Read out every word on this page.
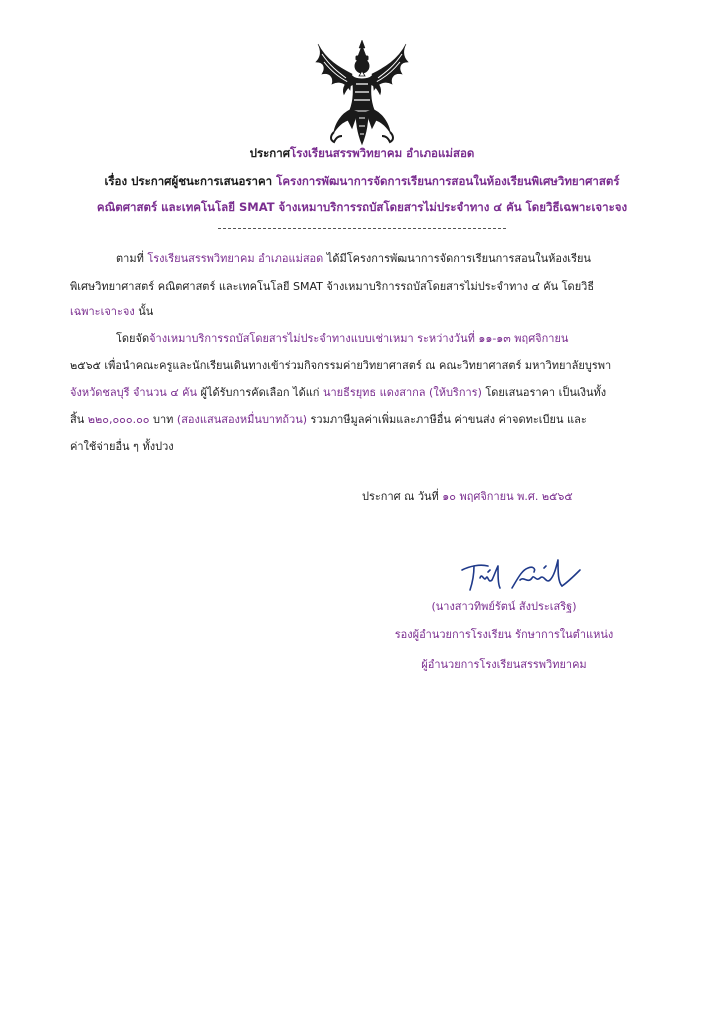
ประกาศโรงเรียนสรรพวิทยาคม อำเภอแม่สอด
เรื่อง ประกาศผู้ชนะการเสนอราคา โครงการพัฒนาการจัดการเรียนการสอนในห้องเรียนพิเศษวิทยาศาสตร์
คณิตศาสตร์ และเทคโนโลยี SMAT จ้างเหมาบริการรถบัสโดยสารไม่ประจำทาง ๔ คัน โดยวิธีเฉพาะเจาะจง
ตามที่ โรงเรียนสรรพวิทยาคม อำเภอแม่สอด ได้มีโครงการพัฒนาการจัดการเรียนการสอนในห้องเรียน
พิเศษวิทยาศาสตร์ คณิตศาสตร์ และเทคโนโลยี SMAT จ้างเหมาบริการรถบัสโดยสารไม่ประจำทาง ๔ คัน โดยวิธี
เฉพาะเจาะจง นั้น
โดยจัดจ้างเหมาบริการรถบัสโดยสารไม่ประจำทางแบบเช่าเหมา ระหว่างวันที่ ๑๑-๑๓ พฤศจิกายน
๒๕๖๕ เพื่อนำคณะครูและนักเรียนเดินทางเข้าร่วมกิจกรรมค่ายวิทยาศาสตร์ ณ คณะวิทยาศาสตร์ มหาวิทยาลัยบูรพา
จังหวัดชลบุรี จำนวน ๔ คัน ผู้ได้รับการคัดเลือก ได้แก่ นายธีรยุทธ แดงสากล (ให้บริการ) โดยเสนอราคา เป็นเงินทั้ง
สิ้น ๒๒๐,๐๐๐.๐๐ บาท (สองแสนสองหมื่นบาทถ้วน) รวมภาษีมูลค่าเพิ่มและภาษีอื่น ค่าขนส่ง ค่าจดทะเบียน และ
ค่าใช้จ่ายอื่น ๆ ทั้งปวง
ประกาศ ณ วันที่ ๑๐ พฤศจิกายน พ.ศ. ๒๕๖๕
(นางสาวทิพย์รัตน์ สังประเสริฐ)
รองผู้อำนวยการโรงเรียน รักษาการในตำแหน่ง
ผู้อำนวยการโรงเรียนสรรพวิทยาคม
